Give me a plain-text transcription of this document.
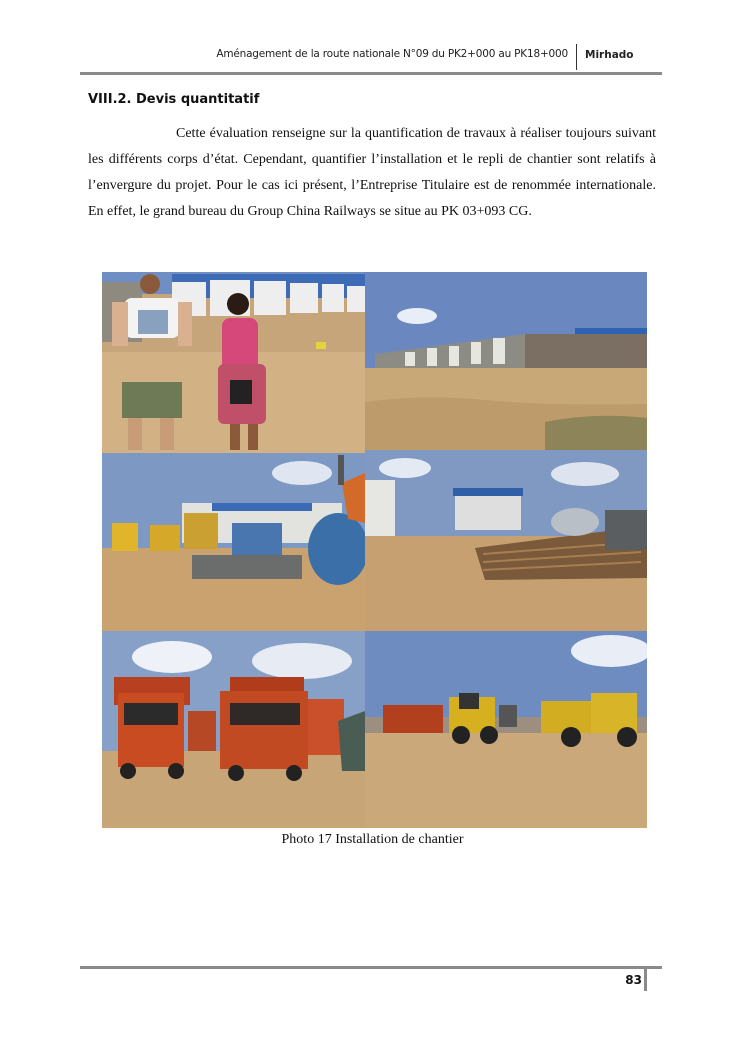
Aménagement de la route nationale N°09 du PK2+000 au PK18+000 Mirhado
VIII.2. Devis quantitatif

Cette évaluation renseigne sur la quantification de travaux à réaliser toujours suivant les différents corps d’état. Cependant, quantifier l’installation et le repli de chantier sont relatifs à l’envergure du projet. Pour le cas ici présent, l’Entreprise Titulaire est de renommée internationale. En effet, le grand bureau du Group China Railways se situe au PK 03+093 CG.

Photo 17 Installation de chantier
83
